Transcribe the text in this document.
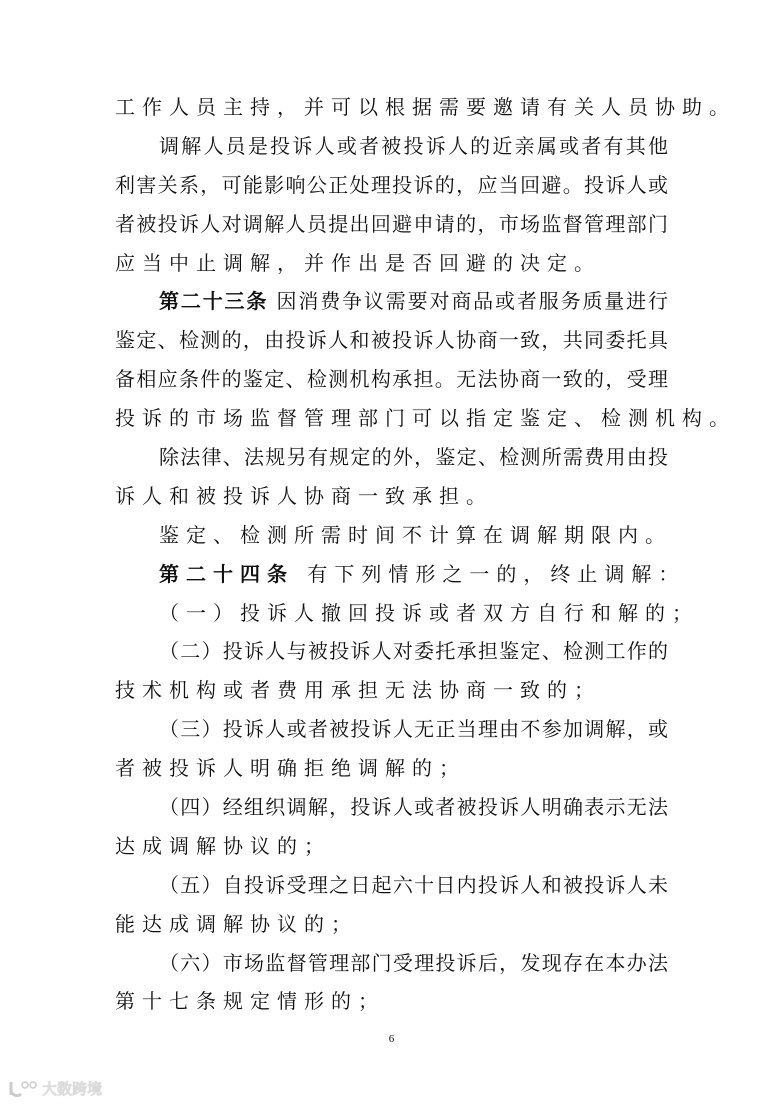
工作人员主持，并可以根据需要邀请有关人员协助。
调解人员是投诉人或者被投诉人的近亲属或者有其他
利害关系，可能影响公正处理投诉的，应当回避。投诉人或
者被投诉人对调解人员提出回避申请的，市场监督管理部门
应当中止调解，并作出是否回避的决定。
第二十三条 因消费争议需要对商品或者服务质量进行
鉴定、检测的，由投诉人和被投诉人协商一致，共同委托具
备相应条件的鉴定、检测机构承担。无法协商一致的，受理
投诉的市场监督管理部门可以指定鉴定、检测机构。
除法律、法规另有规定的外，鉴定、检测所需费用由投
诉人和被投诉人协商一致承担。
鉴定、检测所需时间不计算在调解期限内。
第二十四条 有下列情形之一的，终止调解：
（一）投诉人撤回投诉或者双方自行和解的；
（二）投诉人与被投诉人对委托承担鉴定、检测工作的
技术机构或者费用承担无法协商一致的；
（三）投诉人或者被投诉人无正当理由不参加调解，或
者被投诉人明确拒绝调解的；
（四）经组织调解，投诉人或者被投诉人明确表示无法
达成调解协议的；
（五）自投诉受理之日起六十日内投诉人和被投诉人未
能达成调解协议的；
（六）市场监督管理部门受理投诉后，发现存在本办法
第十七条规定情形的；
6
大数跨境
